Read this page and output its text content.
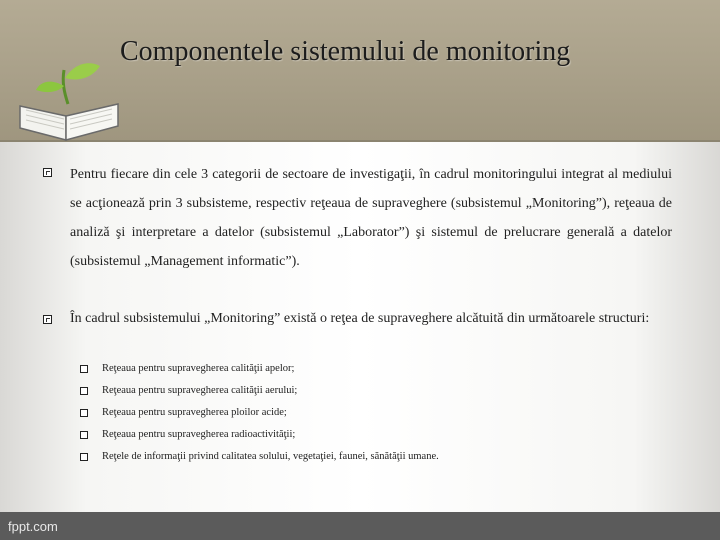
Componentele sistemului de monitoring
Pentru fiecare din cele 3 categorii de sectoare de investigaţii, în cadrul monitoringului integrat al mediului se acţionează prin 3 subsisteme, respectiv reţeaua de supraveghere (subsistemul „Monitoring”), reţeaua de analiză şi interpretare a datelor (subsistemul „Laborator”) şi sistemul de prelucrare generală a datelor (subsistemul „Management informatic”).
În cadrul subsistemului „Monitoring” există o reţea de supraveghere alcătuită din următoarele structuri:
Reţeaua pentru supravegherea calităţii apelor;
Reţeaua pentru supravegherea calităţii aerului;
Reţeaua pentru supravegherea ploilor acide;
Reţeaua pentru supravegherea radioactivităţii;
Reţele de informaţii privind calitatea solului, vegetaţiei, faunei, sănătăţii umane.
fppt.com
